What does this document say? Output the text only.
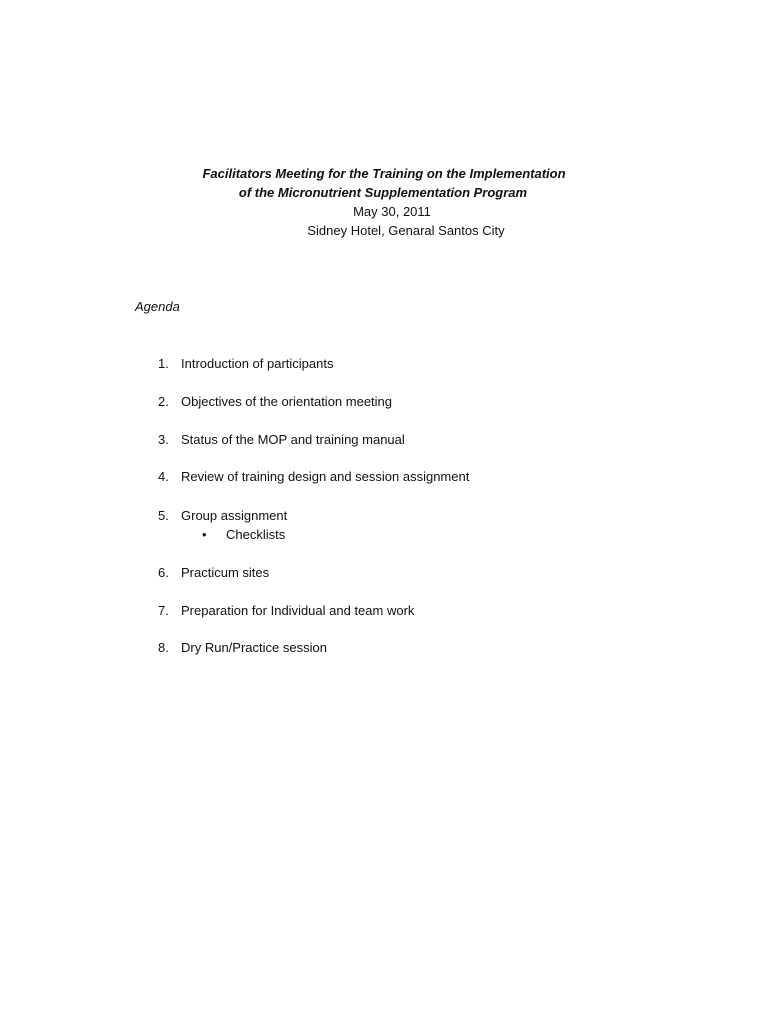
Facilitators Meeting for the Training on the Implementation
of the Micronutrient Supplementation Program
May 30, 2011
Sidney Hotel, Genaral Santos City
Agenda
1. Introduction of participants
2. Objectives of the orientation meeting
3. Status of the MOP and training manual
4. Review of training design and session assignment
5. Group assignment
• Checklists
6. Practicum sites
7. Preparation for Individual and team work
8. Dry Run/Practice session
